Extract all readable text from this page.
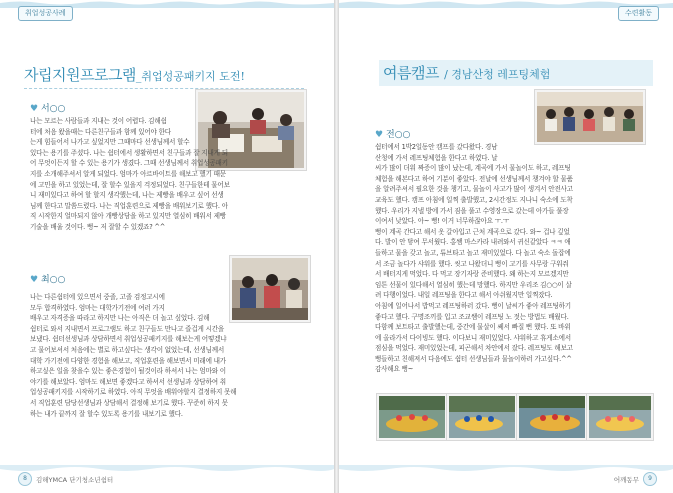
취업성공사례
자립지원프로그램_취업성공패키지 도전!
♥ 서○○

나는 모르는 사람들과 지내는 것이 어렵다. 김해쉼

터에 처음 왔을때는 다른친구들과 함께 있어야 한다

는게 힘들어서 나가고 싶었지만 그때마다 선생님께서 할수

있다는 용기를 주셨다. 나는 쉼터에서 생활하면서 친구들과 잘 지내게 되

어 무엇이든지 할 수 있는 용기가 생겼다. 그때 선생님께서 취업성공패키

지를 소개해주셔서 알게 되었다. 엄마가 아르바이트를 해보고 했기 때문

에 고민을 하고 있었는데, 잘 할수 있을지 걱정되었다. 친구들한테 물어보

니 재미있다고 하여 할 할지 생각했는데, 나는 제빵을 배우고 싶어 선생

님께 한다고 말씀드렸다. 나는 직업훈련으로 제빵을 배워보기로 했다. 아

직 시작한지 얼마되지 않아 개빵상담을 하고 있지만 열심히 배워서 제빵

기술을 배울 것이다. 뻥~ 저 잘할 수 있겠죠? ^^

♥ 최○○

나는 다른쉼터에 있으면서 중졸, 고졸 검정고시에

모두 합격하였다. 엄마는 대학가기전에 여러 가지

배우고 자격증을 따라고 하지만 나는 아직은 더 놀고 싶었다. 김해

쉼터로 와서 지내면서 프로그램도 하고 친구들도 만나고 즐겁게 시간을

보냈다. 쉼터선생님과 상담하면서 취업성공패키지를 해보는게 어떻겠냐

고 물어보셔서 처음에는 별로 하고싶다는 생각이 없었는데, 선생님께서

대학 가기전에 다양한 경험을 해보고, 직업훈련을 해보면서 미래에 내가

하고싶은 일을 찾을수 있는 좋은경험이 될것이라 하셔서 나는 엄마와 이

야기를 해보았다. 엄마도 해보면 좋겠다고 하셔서 선생님과 상담하여 취

업성공패키지를 시작하기로 하였다. 아직 무엇을 배워야할지 결정하지 못해

서 직업훈련 담당선생님과 상담해서 결정해 보기로 했다. 꾸준히 하지 못

하는 내가 끝까지 잘 할수 있도록 용기를 내보기로 했다.

8	김해YMCA 단기청소년쉼터
수련활동
여름캠프 / 경남산청 레프팅체험
♥ 전○○

쉼터에서 1박2일동안 캠프를 갔다왔다. 경남

산청에 가서 레프팅체험을 한다고 하였다. 날

씨가 많이 더워 짜증이 많이 났는데, 계곡에 가서 물놀이도 하고, 레프팅

체험을 해본다고 하여 기분이 좋았다. 전날에 선생님께서 챙겨야 할 물품

을 알려주셔서 필요한 것을 챙기고, 물놀이 사고가 많이 생겨서 안전사고

교육도 했다. 캠프 아침에 일찍 출발했고, 2시간정도 지나니 숙소에 도착

했다. 우리가 지낼 방에 가서 짐을 풀고 수영장으로 갔는데 아가들 풀장

이여서 낮았다. 아~ 뻥! 이거 너무하잖아요 ㅜ.ㅜ

뻥이 계곡 간다고 해서 옷 갈아입고 근처 계곡으로 갔다. 와~ 겁나 깊었

다. 발이 안 닿여 무서웠다. 홍쌤 마스카라 내려와서 귀신같았다 ㅋㅋ 애

들하고 물을 갖고 놀고, 튜브타고 놀고 재미있었다. 다 놀고 숙소 돌잡에

서 조금 놀다가 샤워를 했다. 씻고 나왔더니 뻥이 고기를 사무랑 구워줘

서 배터지게 먹었다. 다 먹고 장기자랑 준비했다. 왜 하는지 모르겠지만

임튼 선물이 있다해서 열심히 했는데 망했다. 하지만 우리조 김○○이 살

려 다행이었다. 내일 레프팅을 한다고 해서 아쉬웠지만 일찍잤다.

아침에 일어나서 밥먹고 레프팅하러 갔다. 뻥이 날씨가 좋아 레프팅하기

좋다고 했다. 구명조끼를 입고 조교쌤이 레프팅 노 젓는 방법도 배웠다.

다함께 보트타고 출발했는데, 중간에 물살이 쎄서 빠질 뻔 했다. 또 바위

에 올라가서 다이빙도 했다. 이다보니 재미있었다. 샤워하고 휴게소에서

점심을 먹었다. 재미있었는데, 피곤해서 차안에서 잤다. 레프팅도 해보고

뻥들하고 친해져서 다음에도 쉼터 선생님들과 물놀이하러 가고싶다.^^

감사해요 뻥~

어깨동무	9
